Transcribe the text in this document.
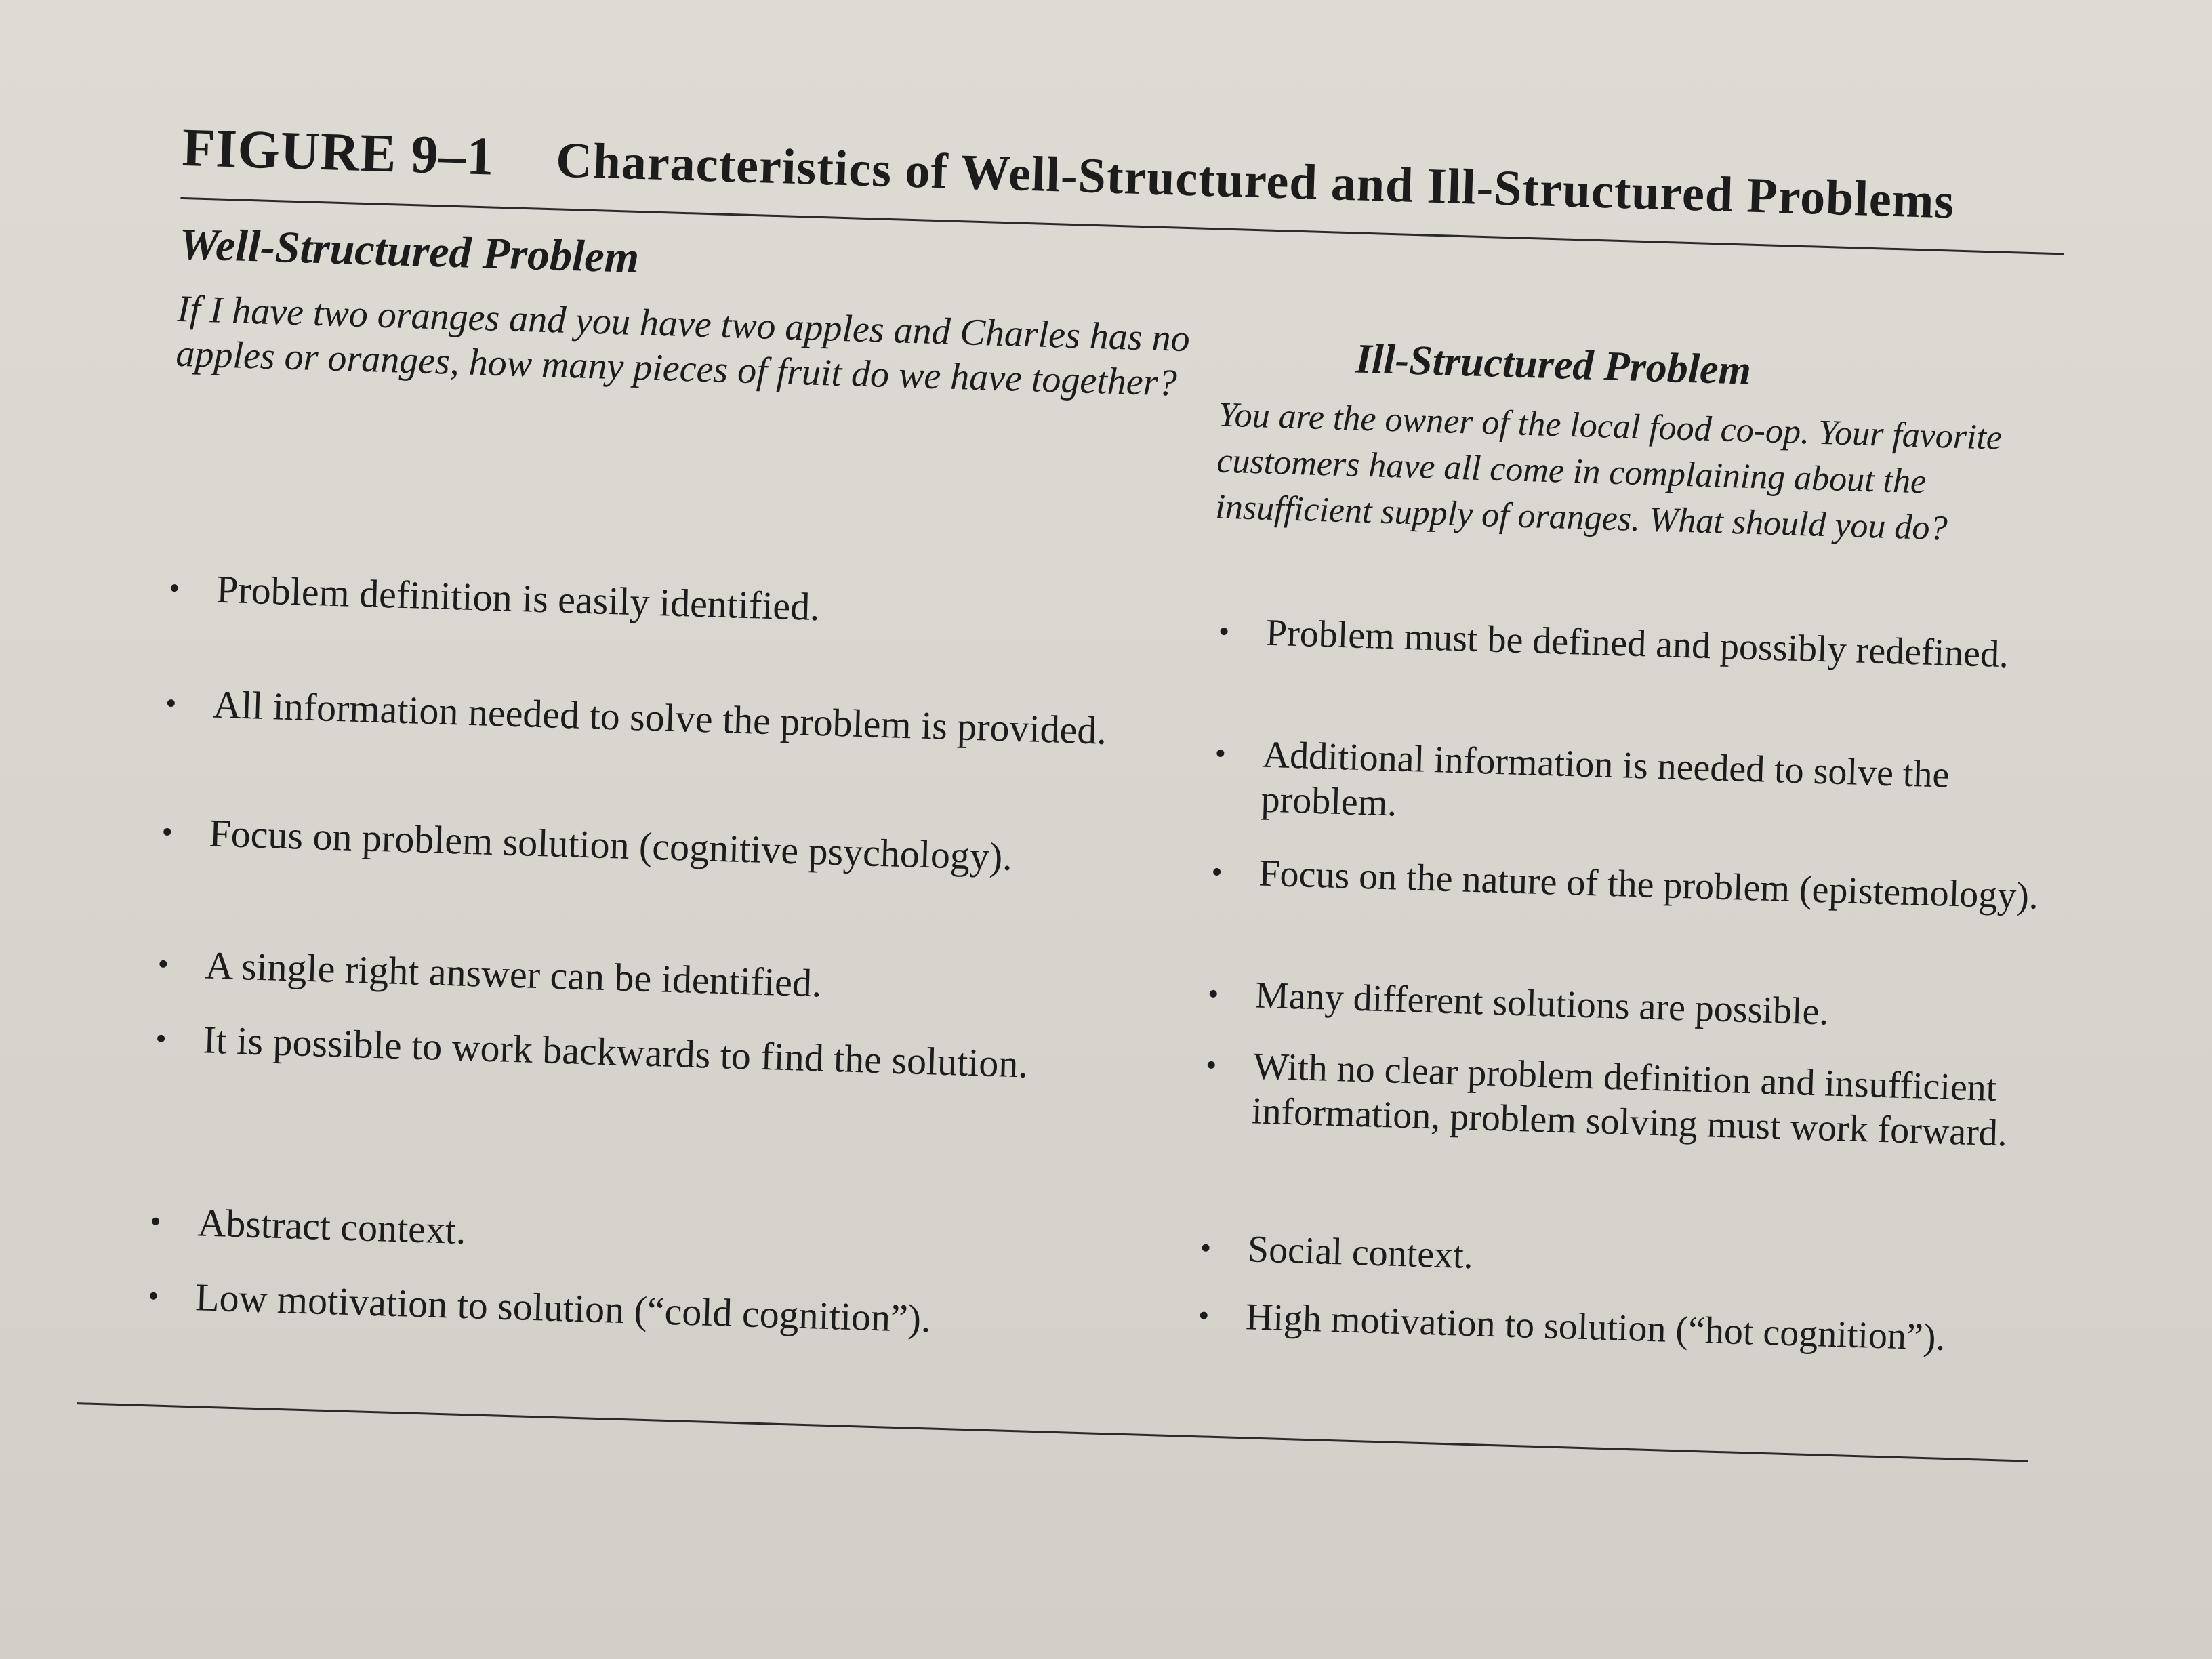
FIGURE 9–1 Characteristics of Well-Structured and Ill-Structured Problems
Well-Structured Problem
If I have two oranges and you have two apples and Charles has no apples or oranges, how many pieces of fruit do we have together?	Ill-Structured Problem
You are the owner of the local food co-op. Your favorite customers have all come in complaining about the insufficient supply of oranges. What should you do?
• Problem definition is easily identified.
• All information needed to solve the problem is provided.
• Focus on problem solution (cognitive psychology).
• A single right answer can be identified.
• It is possible to work backwards to find the solution.
• Abstract context.
• Low motivation to solution (“cold cognition”).
• Problem must be defined and possibly redefined.
• Additional information is needed to solve the problem.
• Focus on the nature of the problem (epistemology).
• Many different solutions are possible.
• With no clear problem definition and insufficient information, problem solving must work forward.
• Social context.
• High motivation to solution (“hot cognition”).
